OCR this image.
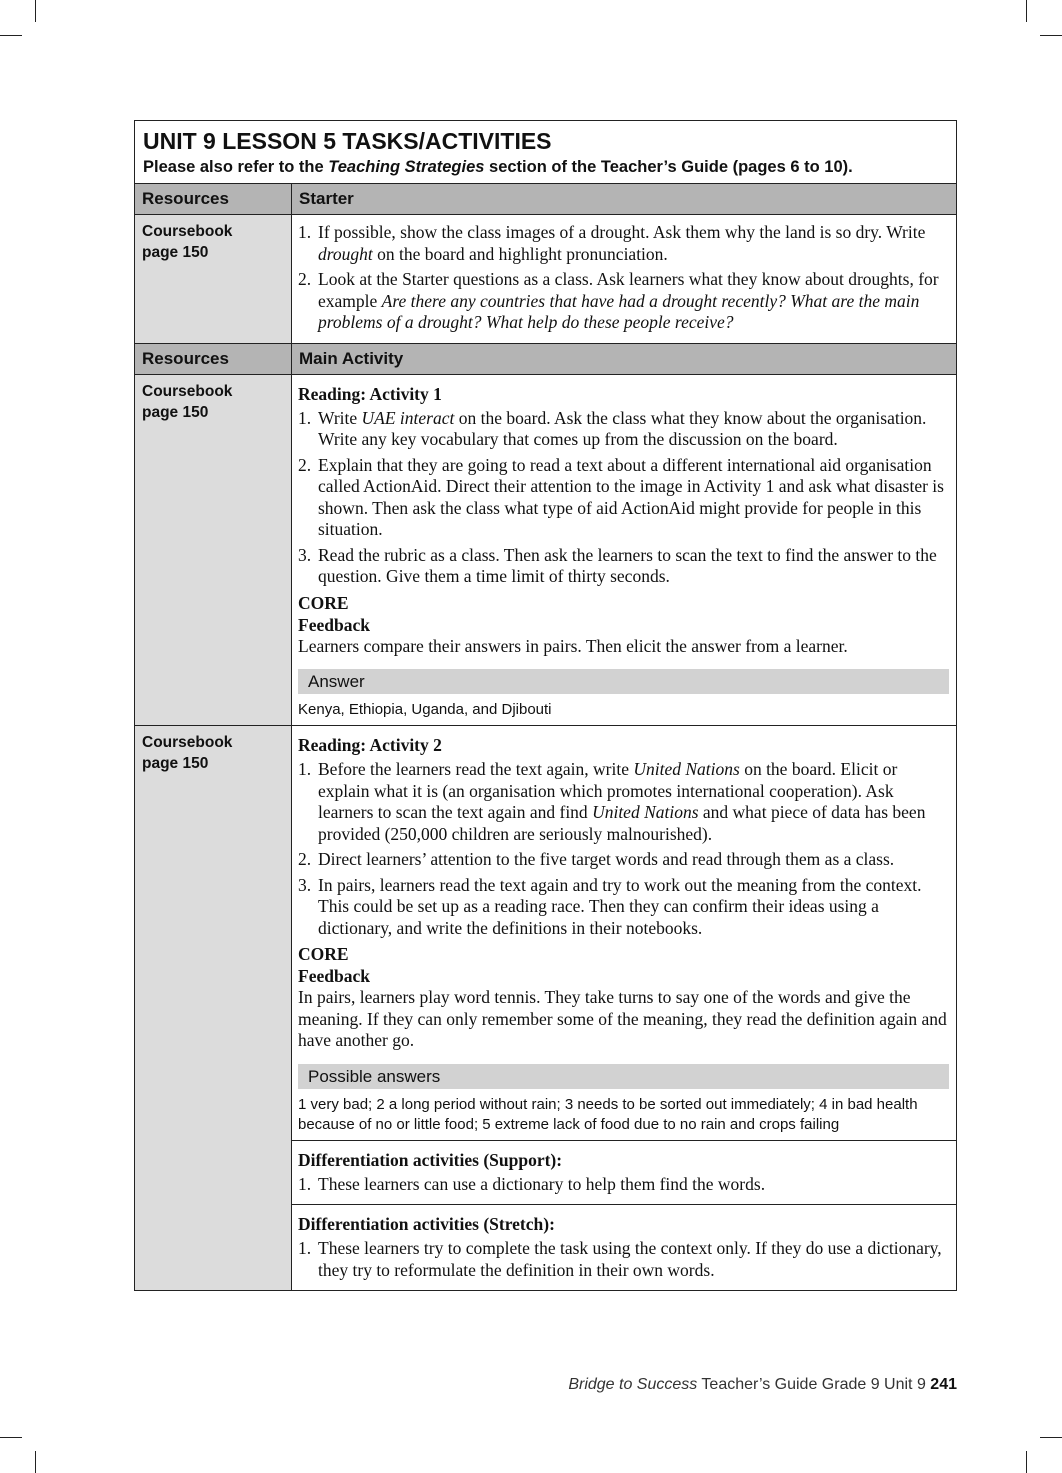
UNIT 9 LESSON 5 TASKS/ACTIVITIES
Please also refer to the Teaching Strategies section of the Teacher’s Guide (pages 6 to 10).
Resources	Starter
Coursebook
page 150
1. If possible, show the class images of a drought. Ask them why the land is so dry. Write drought on the board and highlight pronunciation.
2. Look at the Starter questions as a class. Ask learners what they know about droughts, for example Are there any countries that have had a drought recently? What are the main problems of a drought? What help do these people receive?
Resources	Main Activity
Coursebook
page 150
Reading: Activity 1
1. Write UAE interact on the board. Ask the class what they know about the organisation. Write any key vocabulary that comes up from the discussion on the board.
2. Explain that they are going to read a text about a different international aid organisation called ActionAid. Direct their attention to the image in Activity 1 and ask what disaster is shown. Then ask the class what type of aid ActionAid might provide for people in this situation.
3. Read the rubric as a class. Then ask the learners to scan the text to find the answer to the question. Give them a time limit of thirty seconds.
CORE
Feedback
Learners compare their answers in pairs. Then elicit the answer from a learner.
Answer
Kenya, Ethiopia, Uganda, and Djibouti
Coursebook
page 150
Reading: Activity 2
1. Before the learners read the text again, write United Nations on the board. Elicit or explain what it is (an organisation which promotes international cooperation). Ask learners to scan the text again and find United Nations and what piece of data has been provided (250,000 children are seriously malnourished).
2. Direct learners’ attention to the five target words and read through them as a class.
3. In pairs, learners read the text again and try to work out the meaning from the context. This could be set up as a reading race. Then they can confirm their ideas using a dictionary, and write the definitions in their notebooks.
CORE
Feedback
In pairs, learners play word tennis. They take turns to say one of the words and give the meaning. If they can only remember some of the meaning, they read the definition again and have another go.
Possible answers
1 very bad; 2 a long period without rain; 3 needs to be sorted out immediately; 4 in bad health because of no or little food; 5 extreme lack of food due to no rain and crops failing
Differentiation activities (Support):
1. These learners can use a dictionary to help them find the words.
Differentiation activities (Stretch):
1. These learners try to complete the task using the context only. If they do use a dictionary, they try to reformulate the definition in their own words.
Bridge to Success Teacher’s Guide Grade 9 Unit 9 241
